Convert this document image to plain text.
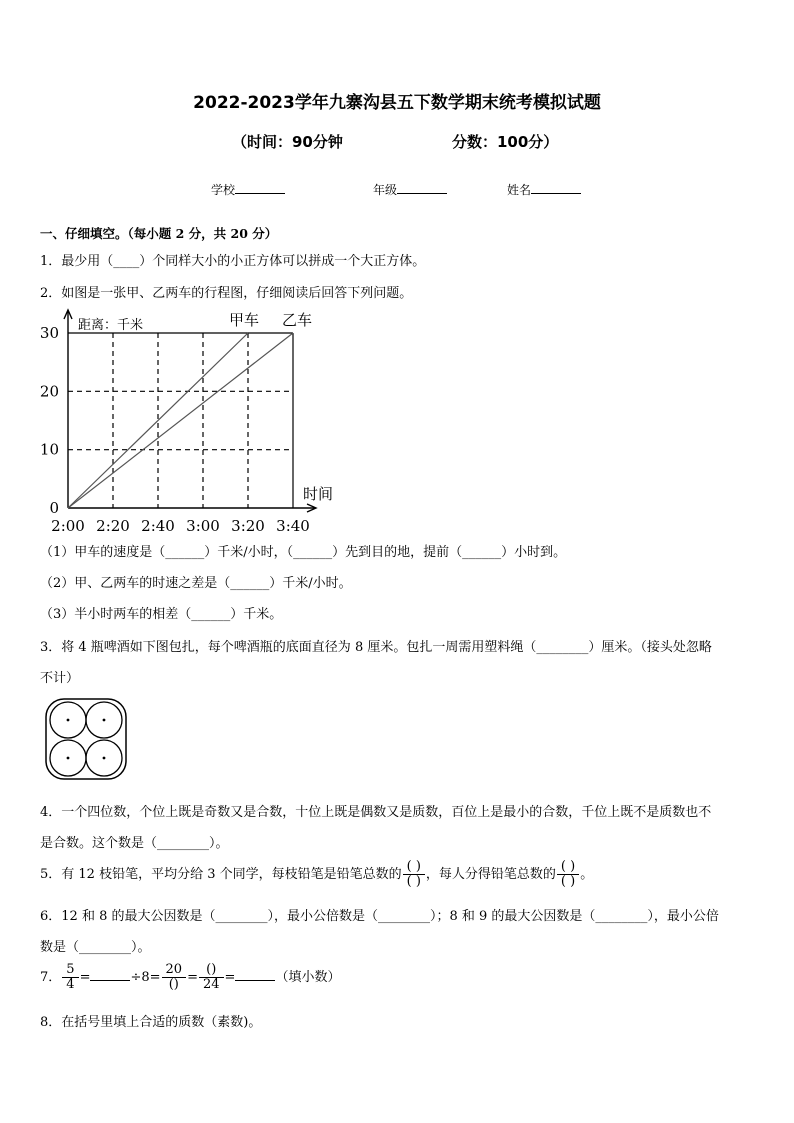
2022-2023学年九寨沟县五下数学期末统考模拟试题
（时间：90分钟	分数：100分）
学校	年级	姓名
一、仔细填空。（每小题 2 分，共 20 分）
1．最少用（____）个同样大小的小正方体可以拼成一个大正方体。
2．如图是一张甲、乙两车的行程图，仔细阅读后回答下列问题。
2:00 2:20 2:40 3:00 3:20 3:40
0
10
20
30 距离：千米
时间
甲车 乙车
（1）甲车的速度是（______）千米/小时，（______）先到目的地，提前（______）小时到。
（2）甲、乙两车的时速之差是（______）千米/小时。
（3）半小时两车的相差（______）千米。
3．将 4 瓶啤酒如下图包扎，每个啤酒瓶的底面直径为 8 厘米。包扎一周需用塑料绳（________）厘米。（接头处忽略
不计）
4．一个四位数，个位上既是奇数又是合数，十位上既是偶数又是质数，百位上是最小的合数，千位上既不是质数也不
是合数。这个数是（________）。
5．有 12 枝铅笔，平均分给 3 个同学，每枝铅笔是铅笔总数的 $\frac{( )}{( )}$ ，每人分得铅笔总数的 $\frac{( )}{( )}$ 。
6．12 和 8 的最大公因数是（________），最小公倍数是（________）；8 和 9 的最大公因数是（________），最小公倍
数是（________）。
7． $\frac{5}{4}$ =	$\div 8= \frac{20}{()} = \frac{()}{24}$ =	（填小数）
8．在括号里填上合适的质数（素数)。
